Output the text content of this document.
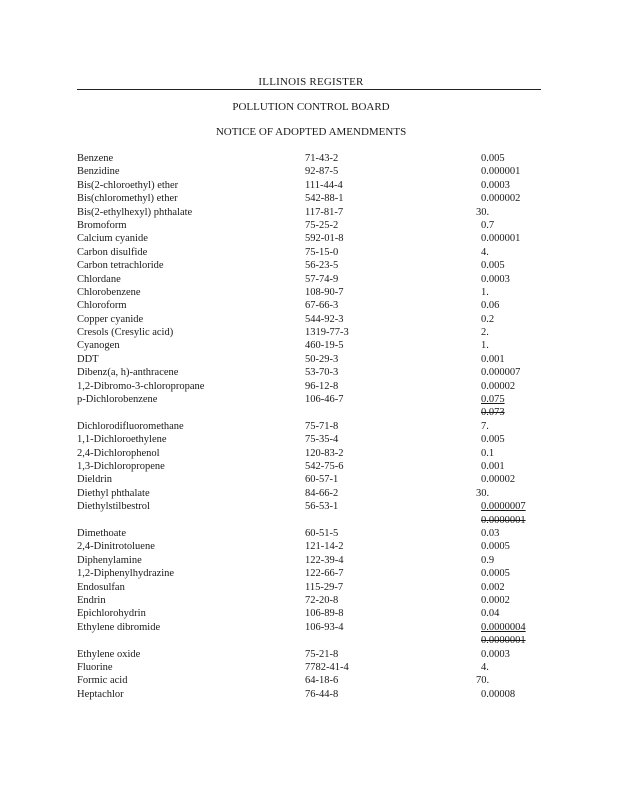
ILLINOIS REGISTER
POLLUTION CONTROL BOARD
NOTICE OF ADOPTED AMENDMENTS
Benzene	71-43-2	0.005
Benzidine	92-87-5	0.000001
Bis(2-chloroethyl) ether	111-44-4	0.0003
Bis(chloromethyl) ether	542-88-1	0.000002
Bis(2-ethylhexyl) phthalate	117-81-7	30.
Bromoform	75-25-2	0.7
Calcium cyanide	592-01-8	0.000001
Carbon disulfide	75-15-0	4.
Carbon tetrachloride	56-23-5	0.005
Chlordane	57-74-9	0.0003
Chlorobenzene	108-90-7	1.
Chloroform	67-66-3	0.06
Copper cyanide	544-92-3	0.2
Cresols (Cresylic acid)	1319-77-3	2.
Cyanogen	460-19-5	1.
DDT	50-29-3	0.001
Dibenz(a, h)-anthracene	53-70-3	0.000007
1,2-Dibromo-3-chloropropane	96-12-8	0.00002
p-Dichlorobenzene	106-46-7	0.075
0.073
Dichlorodifluoromethane	75-71-8	7.
1,1-Dichloroethylene	75-35-4	0.005
2,4-Dichlorophenol	120-83-2	0.1
1,3-Dichloropropene	542-75-6	0.001
Dieldrin	60-57-1	0.00002
Diethyl phthalate	84-66-2	30.
Diethylstilbestrol	56-53-1	0.0000007
0.0000001
Dimethoate	60-51-5	0.03
2,4-Dinitrotoluene	121-14-2	0.0005
Diphenylamine	122-39-4	0.9
1,2-Diphenylhydrazine	122-66-7	0.0005
Endosulfan	115-29-7	0.002
Endrin	72-20-8	0.0002
Epichlorohydrin	106-89-8	0.04
Ethylene dibromide	106-93-4	0.0000004
0.0000001
Ethylene oxide	75-21-8	0.0003
Fluorine	7782-41-4	4.
Formic acid	64-18-6	70.
Heptachlor	76-44-8	0.00008
